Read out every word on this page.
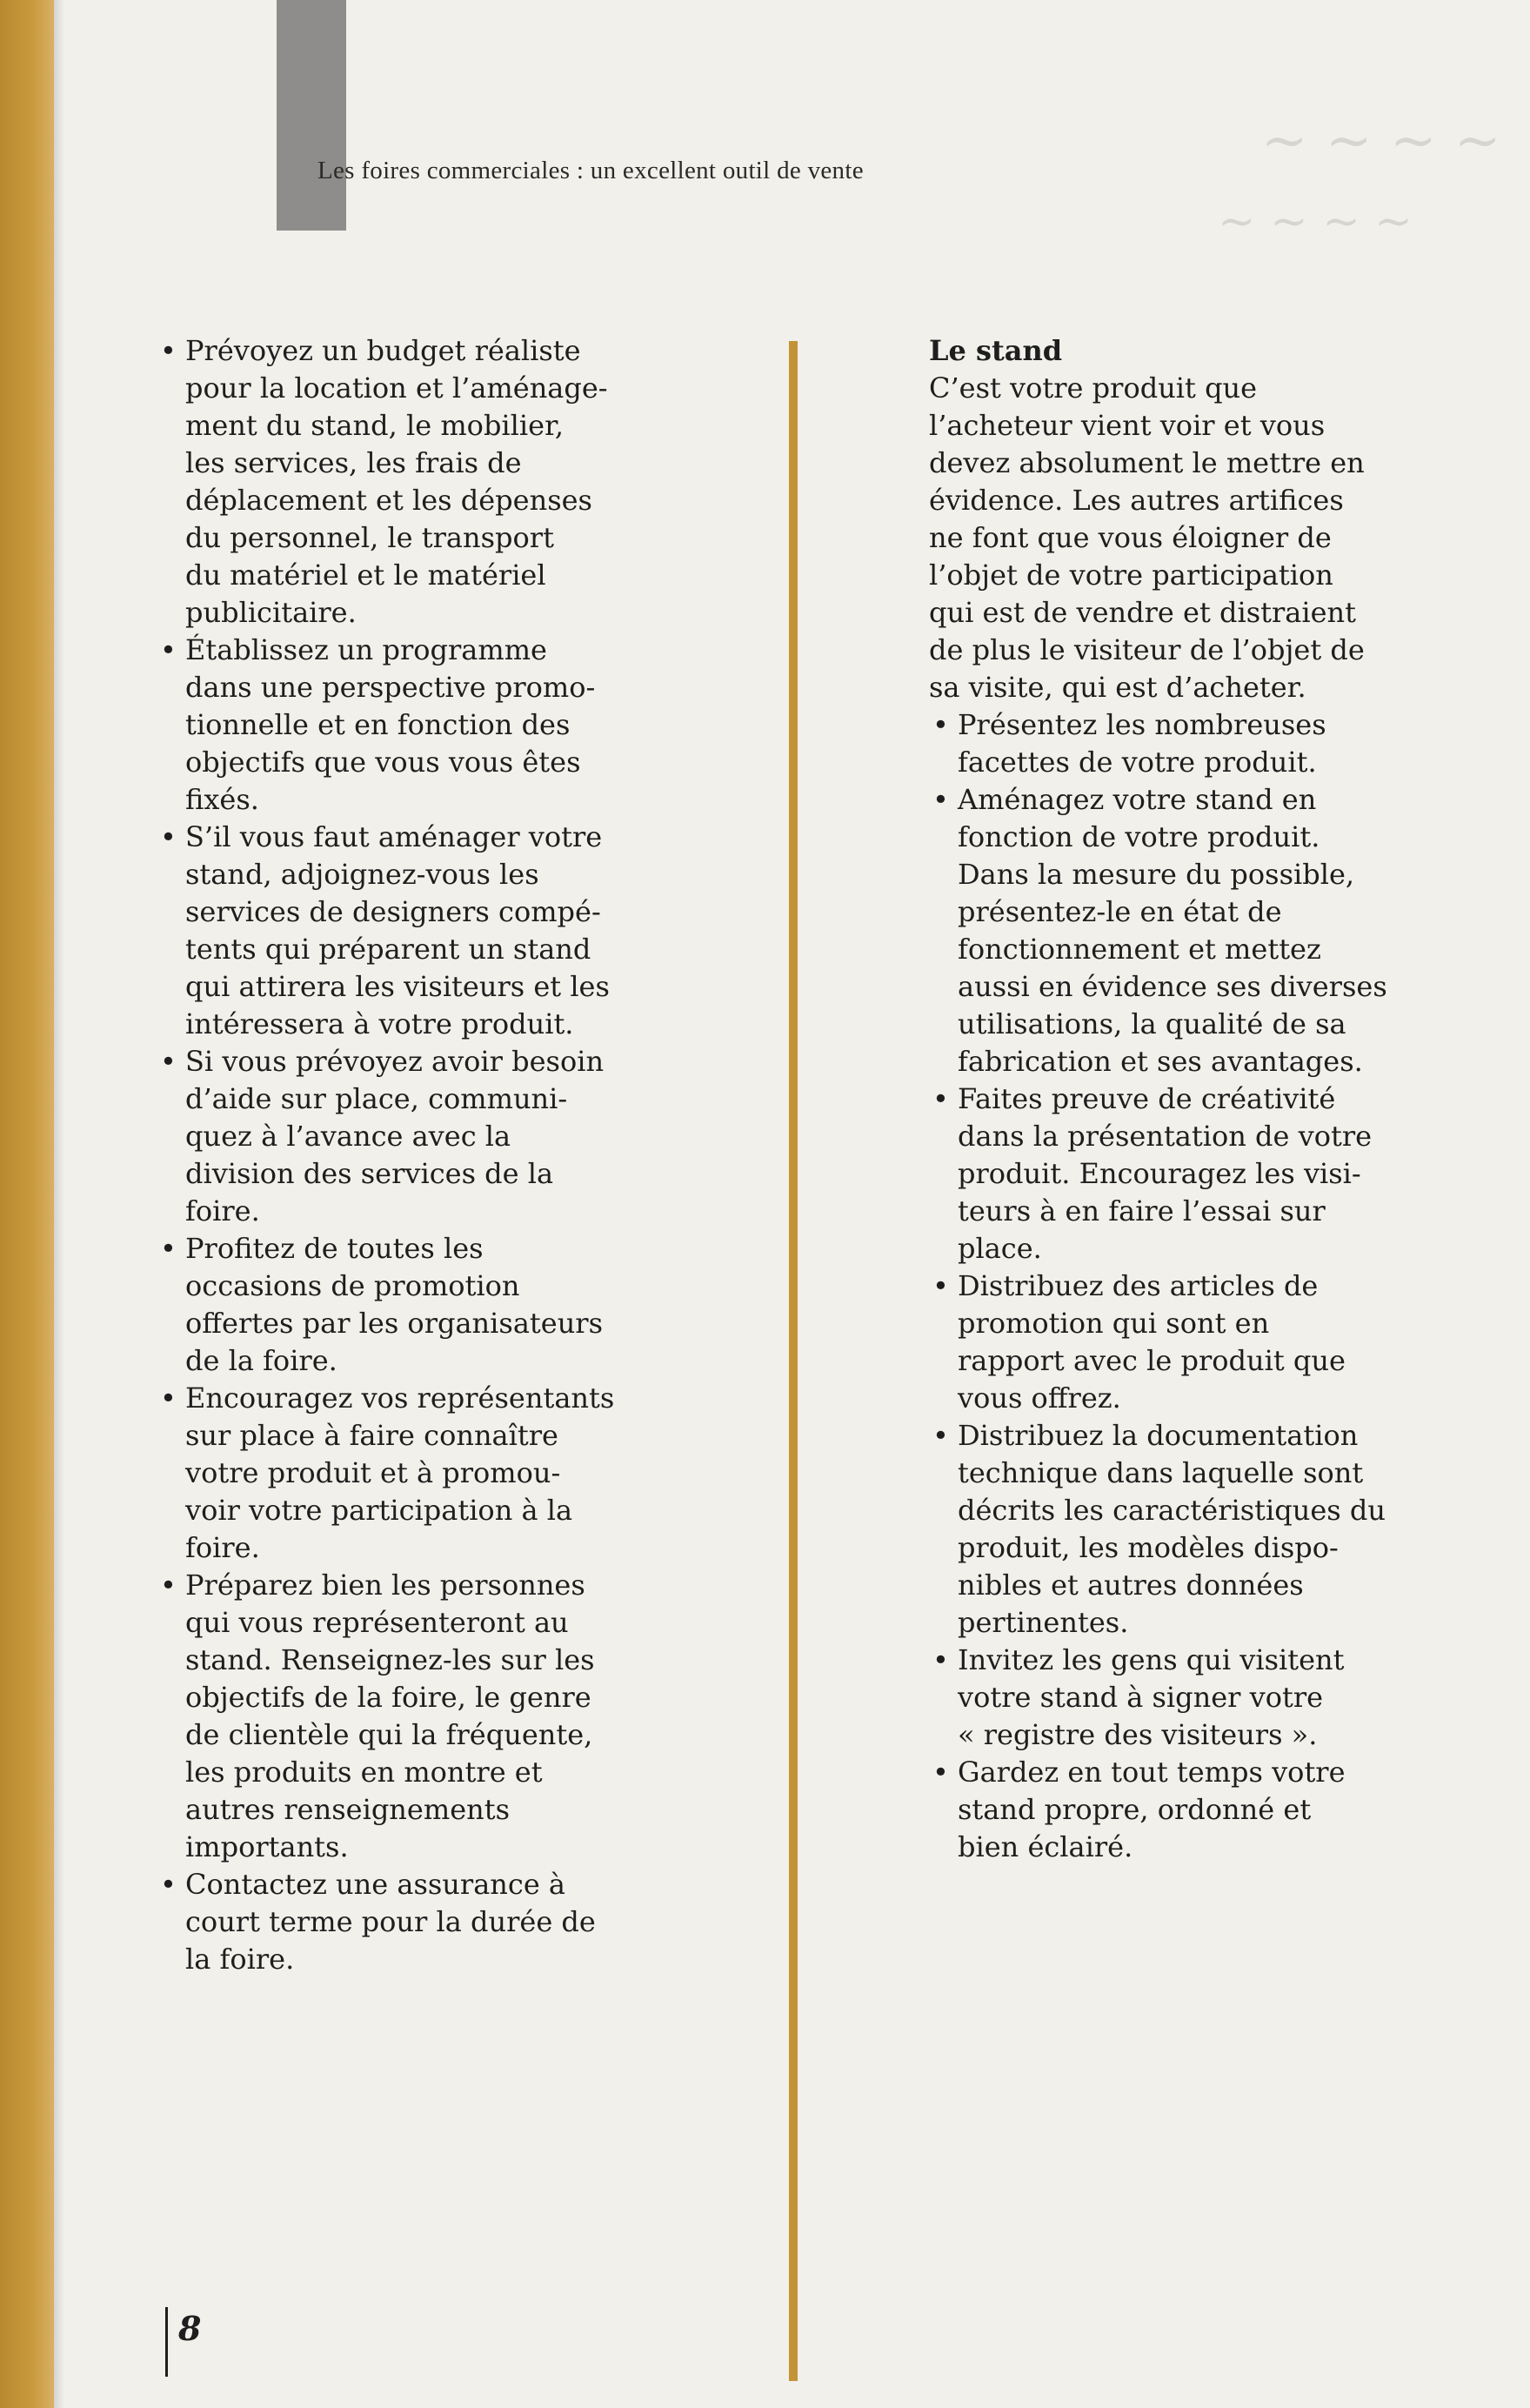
~ ~ ~ ~
~ ~ ~ ~
Les foires commerciales : un excellent outil de vente
• Prévoyez un budget réaliste
pour la location et l’aménage-
ment du stand, le mobilier,
les services, les frais de
déplacement et les dépenses
du personnel, le transport
du matériel et le matériel
publicitaire.
• Établissez un programme
dans une perspective promo-
tionnelle et en fonction des
objectifs que vous vous êtes
fixés.
• S’il vous faut aménager votre
stand, adjoignez-vous les
services de designers compé-
tents qui préparent un stand
qui attirera les visiteurs et les
intéressera à votre produit.
• Si vous prévoyez avoir besoin
d’aide sur place, communi-
quez à l’avance avec la
division des services de la
foire.
• Profitez de toutes les
occasions de promotion
offertes par les organisateurs
de la foire.
• Encouragez vos représentants
sur place à faire connaître
votre produit et à promou-
voir votre participation à la
foire.
• Préparez bien les personnes
qui vous représenteront au
stand. Renseignez-les sur les
objectifs de la foire, le genre
de clientèle qui la fréquente,
les produits en montre et
autres renseignements
importants.
• Contactez une assurance à
court terme pour la durée de
la foire.

Le stand

C’est votre produit que
l’acheteur vient voir et vous
devez absolument le mettre en
évidence. Les autres artifices
ne font que vous éloigner de
l’objet de votre participation
qui est de vendre et distraient
de plus le visiteur de l’objet de
sa visite, qui est d’acheter.

• Présentez les nombreuses
facettes de votre produit.
• Aménagez votre stand en
fonction de votre produit.
Dans la mesure du possible,
présentez-le en état de
fonctionnement et mettez
aussi en évidence ses diverses
utilisations, la qualité de sa
fabrication et ses avantages.
• Faites preuve de créativité
dans la présentation de votre
produit. Encouragez les visi-
teurs à en faire l’essai sur
place.
• Distribuez des articles de
promotion qui sont en
rapport avec le produit que
vous offrez.
• Distribuez la documentation
technique dans laquelle sont
décrits les caractéristiques du
produit, les modèles dispo-
nibles et autres données
pertinentes.
• Invitez les gens qui visitent
votre stand à signer votre
« registre des visiteurs ».
• Gardez en tout temps votre
stand propre, ordonné et
bien éclairé.
8
